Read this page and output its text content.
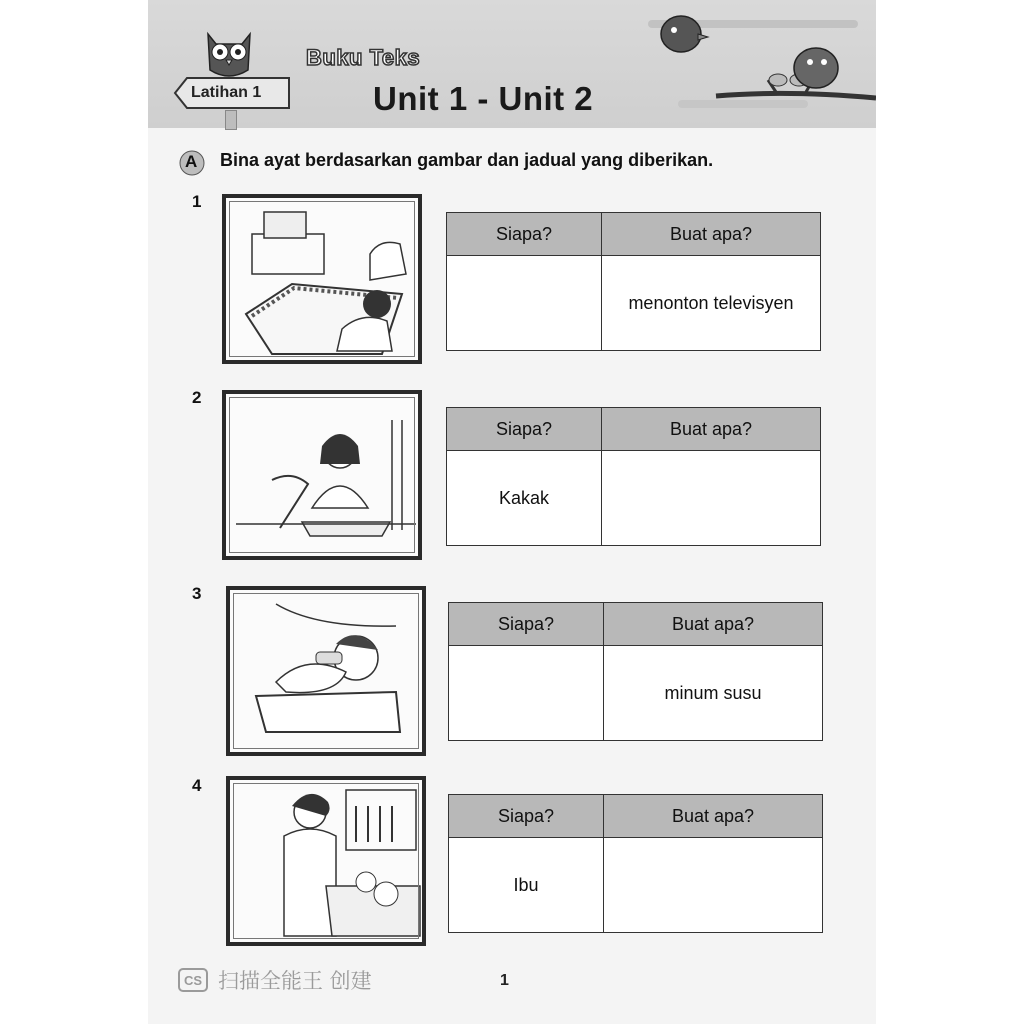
Latihan 1
Buku Teks
Unit 1 - Unit 2
A Bina ayat berdasarkan gambar dan jadual yang diberikan.
1
Siapa?	Buat apa?
	menonton televisyen
2
Siapa?	Buat apa?
Kakak	
3
Siapa?	Buat apa?
	minum susu
4
Siapa?	Buat apa?
Ibu	
CS 扫描全能王 创建	1
